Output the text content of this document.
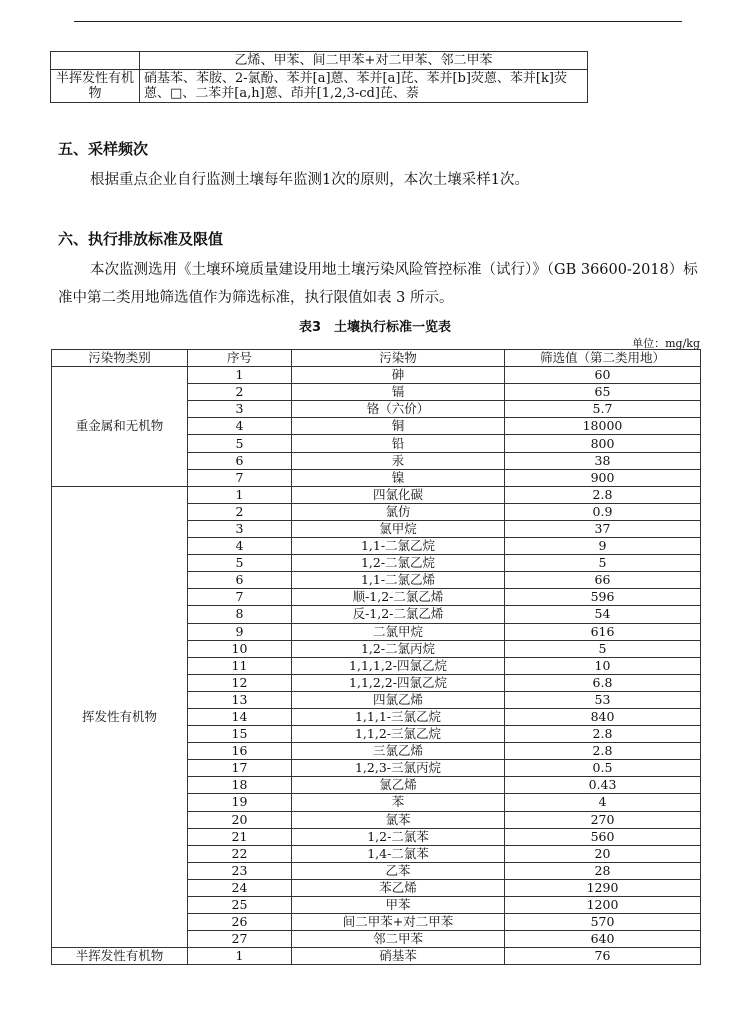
	乙烯、甲苯、间二甲苯+对二甲苯、邻二甲苯
半挥发性有机物	硝基苯、苯胺、2-氯酚、苯并[a]蒽、苯并[a]芘、苯并[b]荧蒽、苯并[k]荧蒽、□、二苯并[a,h]蒽、茚并[1,2,3-cd]芘、萘
五、采样频次

根据重点企业自行监测土壤每年监测1次的原则，本次土壤采样1次。

六、执行排放标准及限值

本次监测选用《土壤环境质量建设用地土壤污染风险管控标准（试行）》（GB 36600-2018）标准中第二类用地筛选值作为筛选标准，执行限值如表 3 所示。

表3　土壤执行标准一览表
单位：mg/kg
污染物类别	序号	污染物	筛选值（第二类用地）
重金属和无机物	1	砷	60
	2	镉	65
	3	铬（六价）	5.7
	4	铜	18000
	5	铅	800
	6	汞	38
	7	镍	900
挥发性有机物	1	四氯化碳	2.8
	2	氯仿	0.9
	3	氯甲烷	37
	4	1,1-二氯乙烷	9
	5	1,2-二氯乙烷	5
	6	1,1-二氯乙烯	66
	7	顺-1,2-二氯乙烯	596
	8	反-1,2-二氯乙烯	54
	9	二氯甲烷	616
	10	1,2-二氯丙烷	5
	11	1,1,1,2-四氯乙烷	10
	12	1,1,2,2-四氯乙烷	6.8
	13	四氯乙烯	53
	14	1,1,1-三氯乙烷	840
	15	1,1,2-三氯乙烷	2.8
	16	三氯乙烯	2.8
	17	1,2,3-三氯丙烷	0.5
	18	氯乙烯	0.43
	19	苯	4
	20	氯苯	270
	21	1,2-二氯苯	560
	22	1,4-二氯苯	20
	23	乙苯	28
	24	苯乙烯	1290
	25	甲苯	1200
	26	间二甲苯+对二甲苯	570
	27	邻二甲苯	640
半挥发性有机物	1	硝基苯	76
